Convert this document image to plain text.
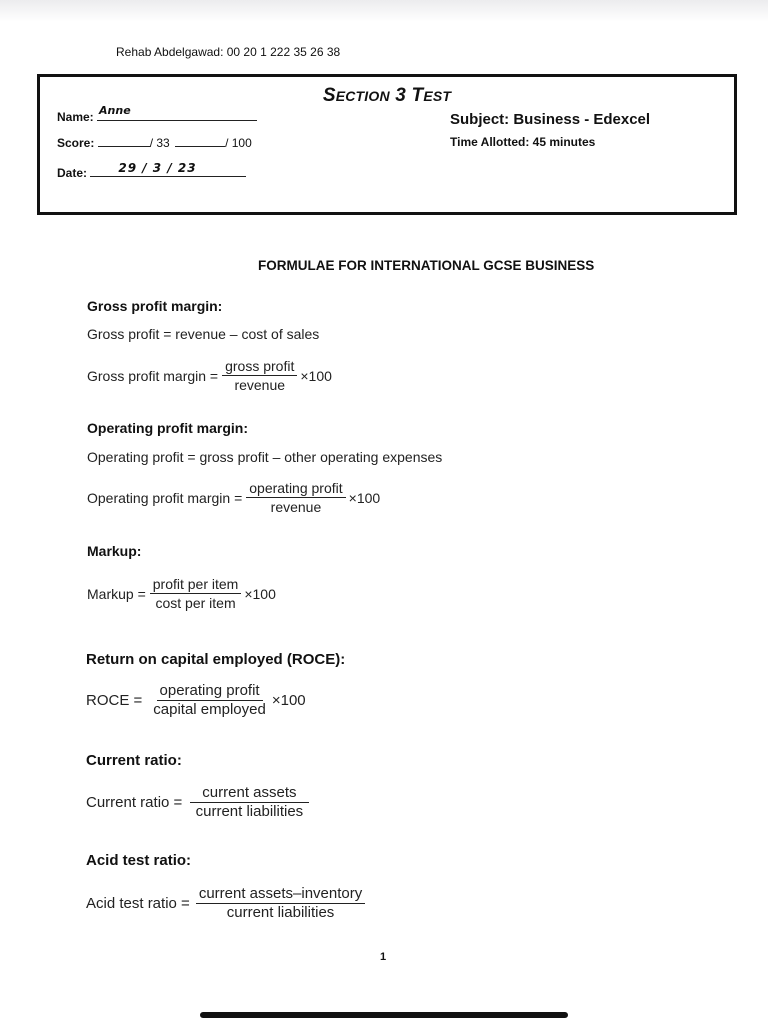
Rehab Abdelgawad: 00 20 1 222 35 26 38
SECTION 3 TEST
Name: Anne
Score:	/ 33	/ 100
Date:	29 / 3 / 23
Subject: Business - Edexcel
Time Allotted: 45 minutes
FORMULAE FOR INTERNATIONAL GCSE BUSINESS
Gross profit margin:
Gross profit = revenue – cost of sales
Gross profit margin = $\frac{\text{gross profit}}{\text{revenue}} \times 100$
Operating profit margin:
Operating profit = gross profit – other operating expenses
Operating profit margin = $\frac{\text{operating profit}}{\text{revenue}} \times 100$
Markup:
Markup = $\frac{\text{profit per item}}{\text{cost per item}} \times 100$
Return on capital employed (ROCE):
ROCE = $\frac{\text{operating profit}}{\text{capital employed}} \times 100$
Current ratio:
Current ratio = $\frac{\text{current assets}}{\text{current liabilities}}$
Acid test ratio:
Acid test ratio = $\frac{\text{current assets–inventory}}{\text{current liabilities}}$
1
